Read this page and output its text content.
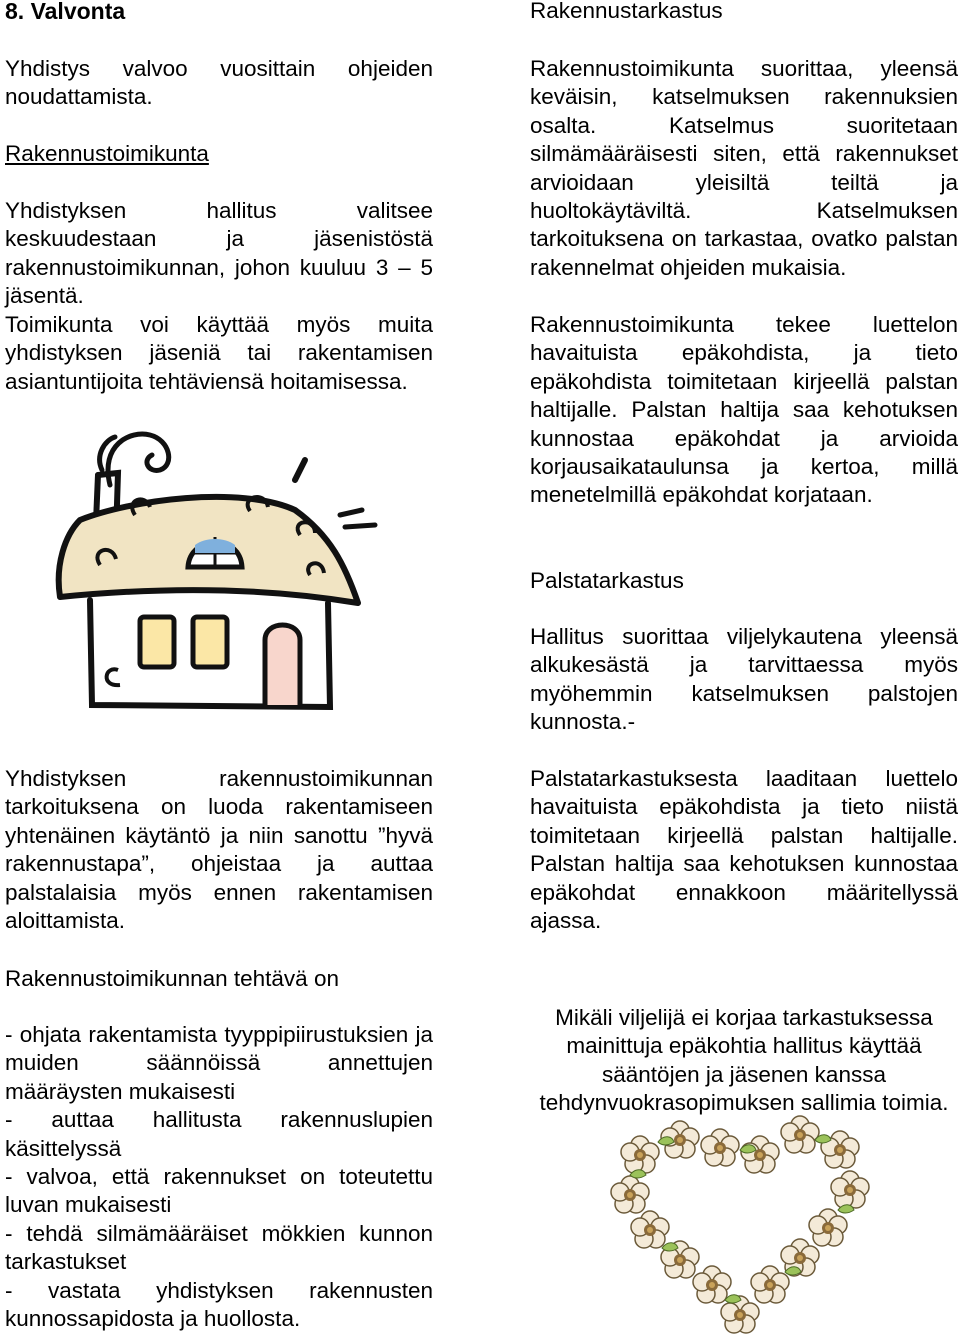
8. Valvonta

Yhdistys valvoo vuosittain ohjeiden noudattamista.

Rakennustoimikunta

Yhdistyksen hallitus valitsee keskuudestaan ja jäsenistöstä rakennustoimikunnan, johon kuuluu 3 – 5 jäsentä.

Toimikunta voi käyttää myös muita yhdistyksen jäseniä tai rakentamisen asiantuntijoita tehtäviensä hoitamisessa.

Yhdistyksen rakennustoimikunnan tarkoituksena on luoda rakentamiseen yhtenäinen käytäntö ja niin sanottu ”hyvä rakennustapa”, ohjeistaa ja auttaa palstalaisia myös ennen rakentamisen aloittamista.

Rakennustoimikunnan tehtävä on

- ohjata rakentamista tyyppipiirustuksien ja muiden säännöissä annettujen määräysten mukaisesti

- auttaa hallitusta rakennuslupien käsittelyssä

- valvoa, että rakennukset on toteutettu luvan mukaisesti

- tehdä silmämääräiset mökkien kunnon tarkastukset

- vastata yhdistyksen rakennusten kunnossapidosta ja huollosta.

Rakennustarkastus

Rakennustoimikunta suorittaa, yleensä keväisin, katselmuksen rakennuksien osalta. Katselmus suoritetaan silmämääräisesti siten, että rakennukset arvioidaan yleisiltä teiltä ja huoltokäytäviltä. Katselmuksen tarkoituksena on tarkastaa, ovatko palstan rakennelmat ohjeiden mukaisia.

Rakennustoimikunta tekee luettelon havaituista epäkohdista, ja tieto epäkohdista toimitetaan kirjeellä palstan haltijalle. Palstan haltija saa kehotuksen kunnostaa epäkohdat ja arvioida korjausaikataulunsa ja kertoa, millä menetelmillä epäkohdat korjataan.

Palstatarkastus

Hallitus suorittaa viljelykautena yleensä alkukesästä ja tarvittaessa myös myöhemmin katselmuksen palstojen kunnosta.-

Palstatarkastuksesta laaditaan luettelo havaituista epäkohdista ja tieto niistä toimitetaan kirjeellä palstan haltijalle. Palstan haltija saa kehotuksen kunnostaa epäkohdat ennakkoon määritellyssä ajassa.

Mikäli viljelijä ei korjaa tarkastuksessa mainittuja epäkohtia hallitus käyttää sääntöjen ja jäsenen kanssa tehdynvuokrasopimuksen sallimia toimia.
